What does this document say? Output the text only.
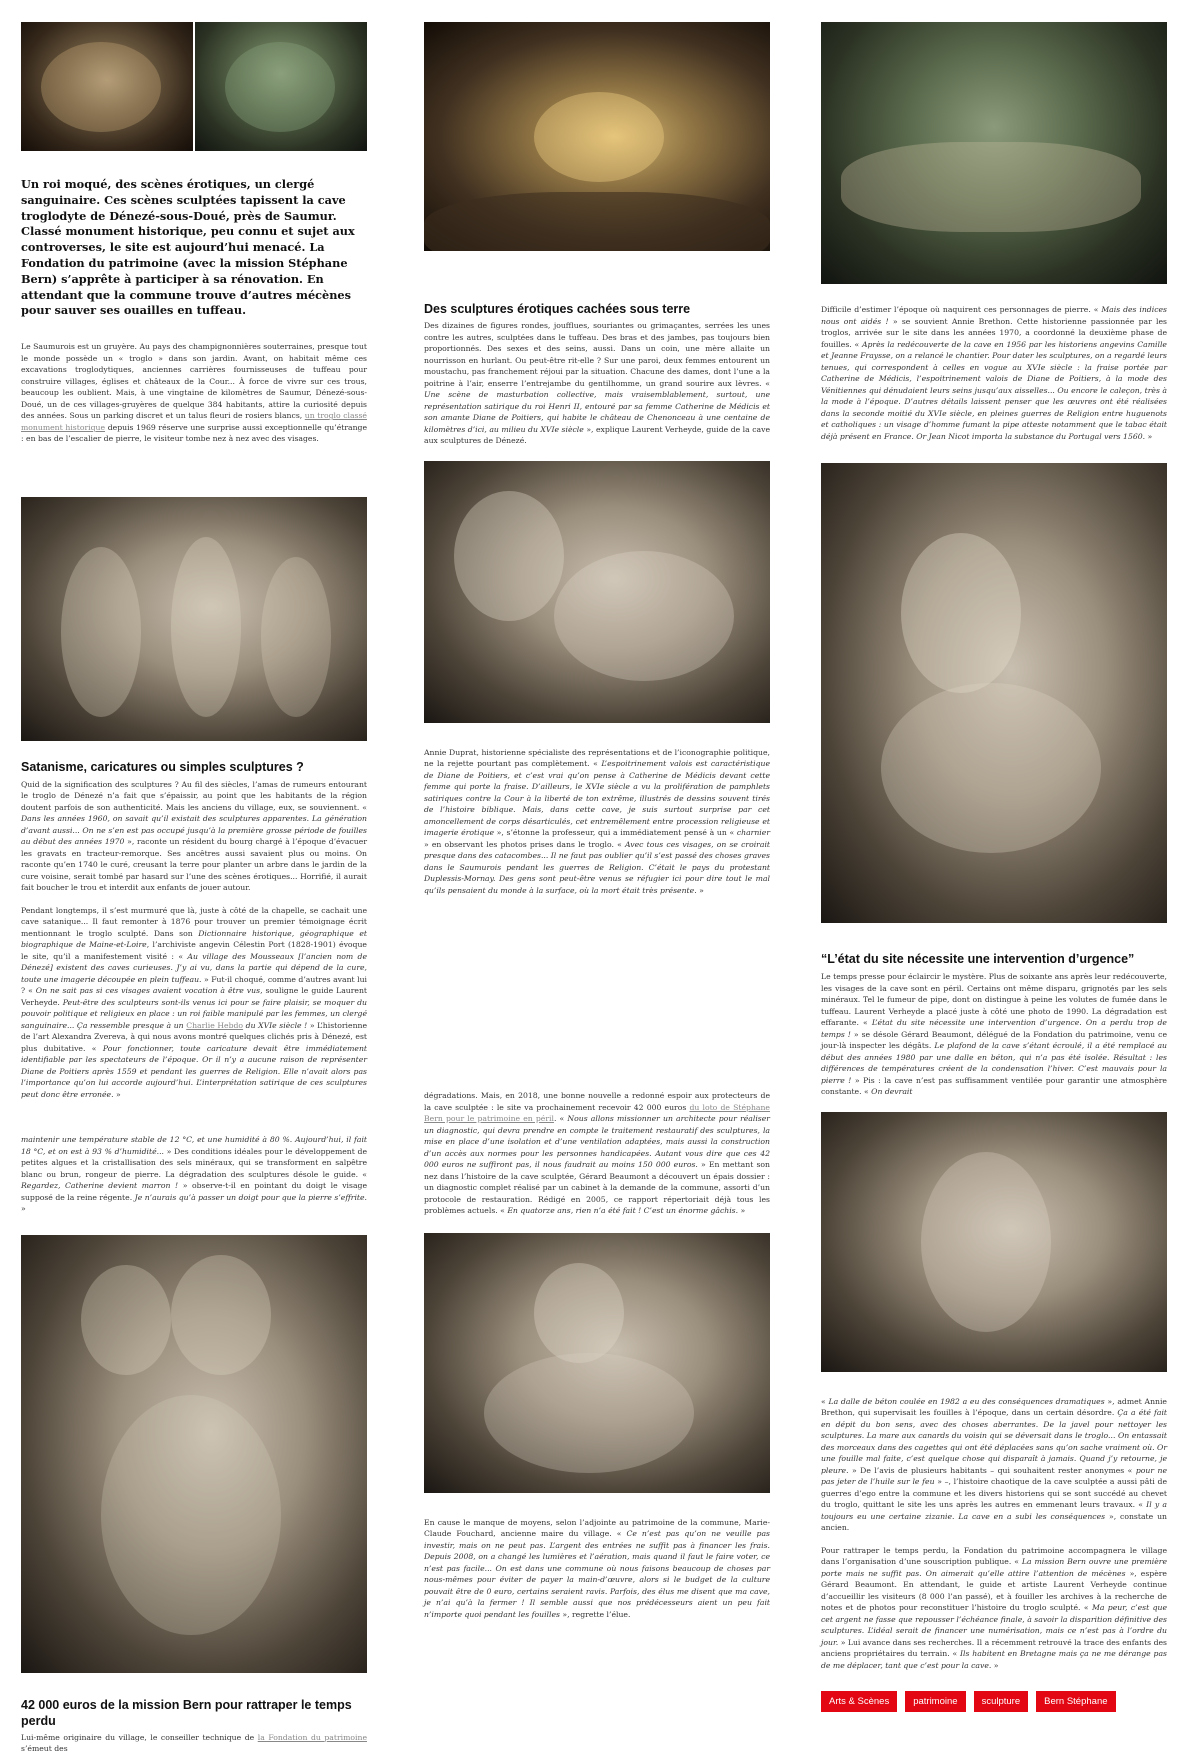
Un roi moqué, des scènes érotiques, un clergé sanguinaire. Ces scènes sculptées tapissent la cave troglodyte de Dénezé-sous-Doué, près de Saumur. Classé monument historique, peu connu et sujet aux controverses, le site est aujourd’hui menacé. La Fondation du patrimoine (avec la mission Stéphane Bern) s’apprête à participer à sa rénovation. En attendant que la commune trouve d’autres mécènes pour sauver ses ouailles en tuffeau.

Le Saumurois est un gruyère. Au pays des champignonnières souterraines, presque tout le monde possède un « troglo » dans son jardin. Avant, on habitait même ces excavations troglodytiques, anciennes carrières fournisseuses de tuffeau pour construire villages, églises et châteaux de la Cour... À force de vivre sur ces trous, beaucoup les oublient. Mais, à une vingtaine de kilomètres de Saumur, Dénezé-sous-Doué, un de ces villages-gruyères de quelque 384 habitants, attire la curiosité depuis des années. Sous un parking discret et un talus fleuri de rosiers blancs, un troglo classé monument historique depuis 1969 réserve une surprise aussi exceptionnelle qu’étrange : en bas de l’escalier de pierre, le visiteur tombe nez à nez avec des visages.

Satanisme, caricatures ou simples sculptures ?

Quid de la signification des sculptures ? Au fil des siècles, l’amas de rumeurs entourant le troglo de Dénezé n’a fait que s’épaissir, au point que les habitants de la région doutent parfois de son authenticité. Mais les anciens du village, eux, se souviennent. « Dans les années 1960, on savait qu’il existait des sculptures apparentes. La génération d’avant aussi... On ne s’en est pas occupé jusqu’à la première grosse période de fouilles au début des années 1970 », raconte un résident du bourg chargé à l’époque d’évacuer les gravats en tracteur-remorque. Ses ancêtres aussi savaient plus ou moins. On raconte qu’en 1740 le curé, creusant la terre pour planter un arbre dans le jardin de la cure voisine, serait tombé par hasard sur l’une des scènes érotiques... Horrifié, il aurait fait boucher le trou et interdit aux enfants de jouer autour.

Pendant longtemps, il s’est murmuré que là, juste à côté de la chapelle, se cachait une cave satanique... Il faut remonter à 1876 pour trouver un premier témoignage écrit mentionnant le troglo sculpté. Dans son Dictionnaire historique, géographique et biographique de Maine-et-Loire, l’archiviste angevin Célestin Port (1828-1901) évoque le site, qu’il a manifestement visité : « Au village des Mousseaux [l’ancien nom de Dénezé] existent des caves curieuses. J’y ai vu, dans la partie qui dépend de la cure, toute une imagerie découpée en plein tuffeau. » Fut-il choqué, comme d’autres avant lui ? « On ne sait pas si ces visages avaient vocation à être vus, souligne le guide Laurent Verheyde. Peut-être des sculpteurs sont-ils venus ici pour se faire plaisir, se moquer du pouvoir politique et religieux en place : un roi faible manipulé par les femmes, un clergé sanguinaire... Ça ressemble presque à un Charlie Hebdo du XVIe siècle ! » L’historienne de l’art Alexandra Zvereva, à qui nous avons montré quelques clichés pris à Dénezé, est plus dubitative. « Pour fonctionner, toute caricature devait être immédiatement identifiable par les spectateurs de l’époque. Or il n’y a aucune raison de représenter Diane de Poitiers après 1559 et pendant les guerres de Religion. Elle n’avait alors pas l’importance qu’on lui accorde aujourd’hui. L’interprétation satirique de ces sculptures peut donc être erronée. »

maintenir une température stable de 12 °C, et une humidité à 80 %. Aujourd’hui, il fait 18 °C, et on est à 93 % d’humidité... » Des conditions idéales pour le développement de petites algues et la cristallisation des sels minéraux, qui se transforment en salpêtre blanc ou brun, rongeur de pierre. La dégradation des sculptures désole le guide. « Regardez, Catherine devient marron ! » observe-t-il en pointant du doigt le visage supposé de la reine régente. Je n’aurais qu’à passer un doigt pour que la pierre s’effrite. »

42 000 euros de la mission Bern pour rattraper le temps perdu

Lui-même originaire du village, le conseiller technique de la Fondation du patrimoine s’émeut des

Des sculptures érotiques cachées sous terre

Des dizaines de figures rondes, joufflues, souriantes ou grimaçantes, serrées les unes contre les autres, sculptées dans le tuffeau. Des bras et des jambes, pas toujours bien proportionnés. Des sexes et des seins, aussi. Dans un coin, une mère allaite un nourrisson en hurlant. Ou peut-être rit-elle ? Sur une paroi, deux femmes entourent un moustachu, pas franchement réjoui par la situation. Chacune des dames, dont l’une a la poitrine à l’air, enserre l’entrejambe du gentilhomme, un grand sourire aux lèvres. « Une scène de masturbation collective, mais vraisemblablement, surtout, une représentation satirique du roi Henri II, entouré par sa femme Catherine de Médicis et son amante Diane de Poitiers, qui habite le château de Chenonceau à une centaine de kilomètres d’ici, au milieu du XVIe siècle », explique Laurent Verheyde, guide de la cave aux sculptures de Dénezé.

Annie Duprat, historienne spécialiste des représentations et de l’iconographie politique, ne la rejette pourtant pas complètement. « L’espoitrinement valois est caractéristique de Diane de Poitiers, et c’est vrai qu’on pense à Catherine de Médicis devant cette femme qui porte la fraise. D’ailleurs, le XVIe siècle a vu la prolifération de pamphlets satiriques contre la Cour à la liberté de ton extrême, illustrés de dessins souvent tirés de l’histoire biblique. Mais, dans cette cave, je suis surtout surprise par cet amoncellement de corps désarticulés, cet entremêlement entre procession religieuse et imagerie érotique », s’étonne la professeur, qui a immédiatement pensé à un « charnier » en observant les photos prises dans le troglo. « Avec tous ces visages, on se croirait presque dans des catacombes... Il ne faut pas oublier qu’il s’est passé des choses graves dans le Saumurois pendant les guerres de Religion. C’était le pays du protestant Duplessis-Mornay. Des gens sont peut-être venus se réfugier ici pour dire tout le mal qu’ils pensaient du monde à la surface, où la mort était très présente. »

dégradations. Mais, en 2018, une bonne nouvelle a redonné espoir aux protecteurs de la cave sculptée : le site va prochainement recevoir 42 000 euros du loto de Stéphane Bern pour le patrimoine en péril. « Nous allons missionner un architecte pour réaliser un diagnostic, qui devra prendre en compte le traitement restauratif des sculptures, la mise en place d’une isolation et d’une ventilation adaptées, mais aussi la construction d’un accès aux normes pour les personnes handicapées. Autant vous dire que ces 42 000 euros ne suffiront pas, il nous faudrait au moins 150 000 euros. » En mettant son nez dans l’histoire de la cave sculptée, Gérard Beaumont a découvert un épais dossier : un diagnostic complet réalisé par un cabinet à la demande de la commune, assorti d’un protocole de restauration. Rédigé en 2005, ce rapport répertoriait déjà tous les problèmes actuels. « En quatorze ans, rien n’a été fait ! C’est un énorme gâchis. »

En cause le manque de moyens, selon l’adjointe au patrimoine de la commune, Marie-Claude Fouchard, ancienne maire du village. « Ce n’est pas qu’on ne veuille pas investir, mais on ne peut pas. L’argent des entrées ne suffit pas à financer les frais. Depuis 2008, on a changé les lumières et l’aération, mais quand il faut le faire voter, ce n’est pas facile... On est dans une commune où nous faisons beaucoup de choses par nous-mêmes pour éviter de payer la main-d’œuvre, alors si le budget de la culture pouvait être de 0 euro, certains seraient ravis. Parfois, des élus me disent que ma cave, je n’ai qu’à la fermer ! Il semble aussi que nos prédécesseurs aient un peu fait n’importe quoi pendant les fouilles », regrette l’élue.

Difficile d’estimer l’époque où naquirent ces personnages de pierre. « Mais des indices nous ont aidés ! » se souvient Annie Brethon. Cette historienne passionnée par les troglos, arrivée sur le site dans les années 1970, a coordonné la deuxième phase de fouilles. « Après la redécouverte de la cave en 1956 par les historiens angevins Camille et Jeanne Fraysse, on a relancé le chantier. Pour dater les sculptures, on a regardé leurs tenues, qui correspondent à celles en vogue au XVIe siècle : la fraise portée par Catherine de Médicis, l’espoitrinement valois de Diane de Poitiers, à la mode des Vénitiennes qui dénudaient leurs seins jusqu’aux aisselles... Ou encore le caleçon, très à la mode à l’époque. D’autres détails laissent penser que les œuvres ont été réalisées dans la seconde moitié du XVIe siècle, en pleines guerres de Religion entre huguenots et catholiques : un visage d’homme fumant la pipe atteste notamment que le tabac était déjà présent en France. Or Jean Nicot importa la substance du Portugal vers 1560. »

“L’état du site nécessite une intervention d’urgence”

Le temps presse pour éclaircir le mystère. Plus de soixante ans après leur redécouverte, les visages de la cave sont en péril. Certains ont même disparu, grignotés par les sels minéraux. Tel le fumeur de pipe, dont on distingue à peine les volutes de fumée dans le tuffeau. Laurent Verheyde a placé juste à côté une photo de 1990. La dégradation est effarante. « L’état du site nécessite une intervention d’urgence. On a perdu trop de temps ! » se désole Gérard Beaumont, délégué de la Fondation du patrimoine, venu ce jour-là inspecter les dégâts. Le plafond de la cave s’étant écroulé, il a été remplacé au début des années 1980 par une dalle en béton, qui n’a pas été isolée. Résultat : les différences de températures créent de la condensation l’hiver. C’est mauvais pour la pierre ! » Pis : la cave n’est pas suffisamment ventilée pour garantir une atmosphère constante. « On devrait

« La dalle de béton coulée en 1982 a eu des conséquences dramatiques », admet Annie Brethon, qui supervisait les fouilles à l’époque, dans un certain désordre. Ça a été fait en dépit du bon sens, avec des choses aberrantes. De la javel pour nettoyer les sculptures. La mare aux canards du voisin qui se déversait dans le troglo... On entassait des morceaux dans des cagettes qui ont été déplacées sans qu’on sache vraiment où. Or une fouille mal faite, c’est quelque chose qui disparaît à jamais. Quand j’y retourne, je pleure. » De l’avis de plusieurs habitants – qui souhaitent rester anonymes « pour ne pas jeter de l’huile sur le feu » –, l’histoire chaotique de la cave sculptée a aussi pâti de guerres d’ego entre la commune et les divers historiens qui se sont succédé au chevet du troglo, quittant le site les uns après les autres en emmenant leurs travaux. « Il y a toujours eu une certaine zizanie. La cave en a subi les conséquences », constate un ancien.

Pour rattraper le temps perdu, la Fondation du patrimoine accompagnera le village dans l’organisation d’une souscription publique. « La mission Bern ouvre une première porte mais ne suffit pas. On aimerait qu’elle attire l’attention de mécènes », espère Gérard Beaumont. En attendant, le guide et artiste Laurent Verheyde continue d’accueillir les visiteurs (8 000 l’an passé), et à fouiller les archives à la recherche de notes et de photos pour reconstituer l’histoire du troglo sculpté. « Ma peur, c’est que cet argent ne fasse que repousser l’échéance finale, à savoir la disparition définitive des sculptures. L’idéal serait de financer une numérisation, mais ce n’est pas à l’ordre du jour. » Lui avance dans ses recherches. Il a récemment retrouvé la trace des enfants des anciens propriétaires du terrain. « Ils habitent en Bretagne mais ça ne me dérange pas de me déplacer, tant que c’est pour la cave. »

Arts & Scènes	patrimoine	sculpture	Bern Stéphane
